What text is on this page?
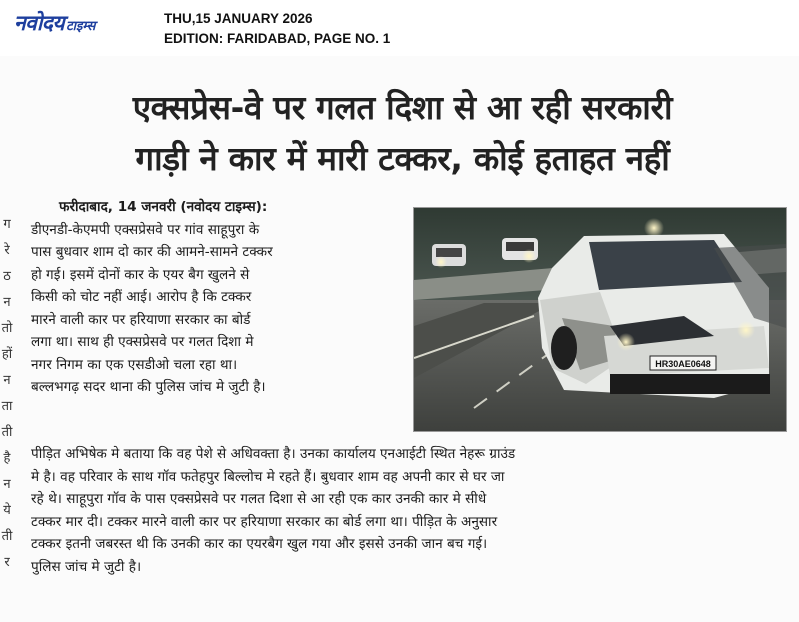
नवोदय टाइम्स
THU,15 JANUARY 2026
EDITION: FARIDABAD, PAGE NO. 1
एक्सप्रेस-वे पर गलत दिशा से आ रही सरकारी
गाड़ी ने कार में मारी टक्कर, कोई हताहत नहीं
ग
रे
ठ
न
तो
हों
न
ता
ती
है
न
ये
ती
र
फरीदाबाद, 14 जनवरी (नवोदय टाइम्स):
डीएनडी-केएमपी एक्सप्रेसवे पर गांव साहूपुरा के
पास बुधवार शाम दो कार की आमने-सामने टक्कर
हो गई। इसमें दोनों कार के एयर बैग खुलने से
किसी को चोट नहीं आई। आरोप है कि टक्कर
मारने वाली कार पर हरियाणा सरकार का बोर्ड
लगा था। साथ ही एक्सप्रेसवे पर गलत दिशा मे
नगर निगम का एक एसडीओ चला रहा था।
बल्लभगढ़ सदर थाना की पुलिस जांच मे जुटी है।
HR30AE0648
पीड़ित अभिषेक मे बताया कि वह पेशे से अधिवक्ता है। उनका कार्यालय एनआईटी स्थित नेहरू ग्राउंड
मे है। वह परिवार के साथ गॉव फतेहपुर बिल्लोच मे रहते हैं। बुधवार शाम वह अपनी कार से घर जा
रहे थे। साहूपुरा गॉव के पास एक्सप्रेसवे पर गलत दिशा से आ रही एक कार उनकी कार मे सीधे
टक्कर मार दी। टक्कर मारने वाली कार पर हरियाणा सरकार का बोर्ड लगा था। पीड़ित के अनुसार
टक्कर इतनी जबरस्त थी कि उनकी कार का एयरबैग खुल गया और इससे उनकी जान बच गई।
पुलिस जांच मे जुटी है।
